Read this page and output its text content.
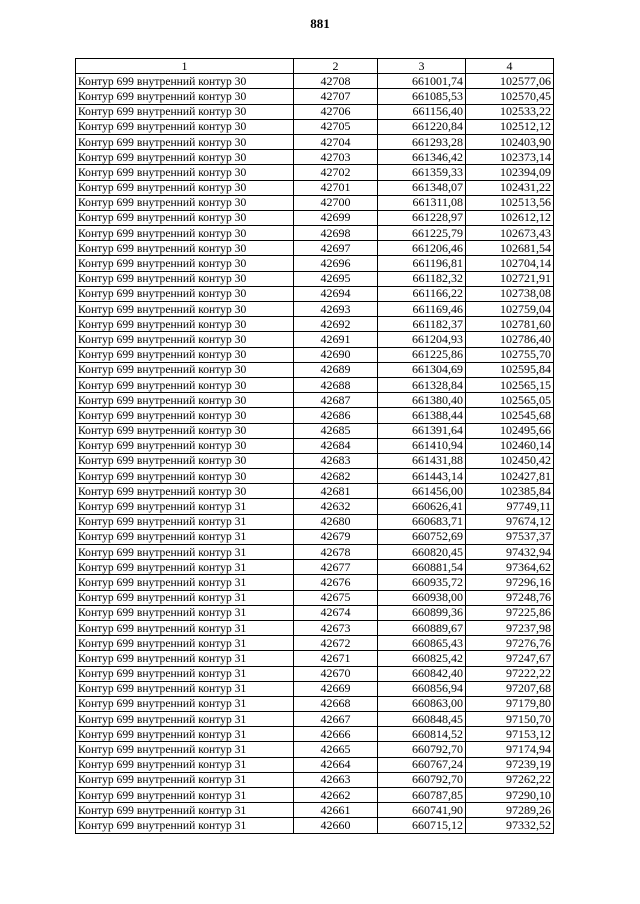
881
1	2	3	4
Контур 699 внутренний контур 30	42708	661001,74	102577,06
Контур 699 внутренний контур 30	42707	661085,53	102570,45
Контур 699 внутренний контур 30	42706	661156,40	102533,22
Контур 699 внутренний контур 30	42705	661220,84	102512,12
Контур 699 внутренний контур 30	42704	661293,28	102403,90
Контур 699 внутренний контур 30	42703	661346,42	102373,14
Контур 699 внутренний контур 30	42702	661359,33	102394,09
Контур 699 внутренний контур 30	42701	661348,07	102431,22
Контур 699 внутренний контур 30	42700	661311,08	102513,56
Контур 699 внутренний контур 30	42699	661228,97	102612,12
Контур 699 внутренний контур 30	42698	661225,79	102673,43
Контур 699 внутренний контур 30	42697	661206,46	102681,54
Контур 699 внутренний контур 30	42696	661196,81	102704,14
Контур 699 внутренний контур 30	42695	661182,32	102721,91
Контур 699 внутренний контур 30	42694	661166,22	102738,08
Контур 699 внутренний контур 30	42693	661169,46	102759,04
Контур 699 внутренний контур 30	42692	661182,37	102781,60
Контур 699 внутренний контур 30	42691	661204,93	102786,40
Контур 699 внутренний контур 30	42690	661225,86	102755,70
Контур 699 внутренний контур 30	42689	661304,69	102595,84
Контур 699 внутренний контур 30	42688	661328,84	102565,15
Контур 699 внутренний контур 30	42687	661380,40	102565,05
Контур 699 внутренний контур 30	42686	661388,44	102545,68
Контур 699 внутренний контур 30	42685	661391,64	102495,66
Контур 699 внутренний контур 30	42684	661410,94	102460,14
Контур 699 внутренний контур 30	42683	661431,88	102450,42
Контур 699 внутренний контур 30	42682	661443,14	102427,81
Контур 699 внутренний контур 30	42681	661456,00	102385,84
Контур 699 внутренний контур 31	42632	660626,41	97749,11
Контур 699 внутренний контур 31	42680	660683,71	97674,12
Контур 699 внутренний контур 31	42679	660752,69	97537,37
Контур 699 внутренний контур 31	42678	660820,45	97432,94
Контур 699 внутренний контур 31	42677	660881,54	97364,62
Контур 699 внутренний контур 31	42676	660935,72	97296,16
Контур 699 внутренний контур 31	42675	660938,00	97248,76
Контур 699 внутренний контур 31	42674	660899,36	97225,86
Контур 699 внутренний контур 31	42673	660889,67	97237,98
Контур 699 внутренний контур 31	42672	660865,43	97276,76
Контур 699 внутренний контур 31	42671	660825,42	97247,67
Контур 699 внутренний контур 31	42670	660842,40	97222,22
Контур 699 внутренний контур 31	42669	660856,94	97207,68
Контур 699 внутренний контур 31	42668	660863,00	97179,80
Контур 699 внутренний контур 31	42667	660848,45	97150,70
Контур 699 внутренний контур 31	42666	660814,52	97153,12
Контур 699 внутренний контур 31	42665	660792,70	97174,94
Контур 699 внутренний контур 31	42664	660767,24	97239,19
Контур 699 внутренний контур 31	42663	660792,70	97262,22
Контур 699 внутренний контур 31	42662	660787,85	97290,10
Контур 699 внутренний контур 31	42661	660741,90	97289,26
Контур 699 внутренний контур 31	42660	660715,12	97332,52
